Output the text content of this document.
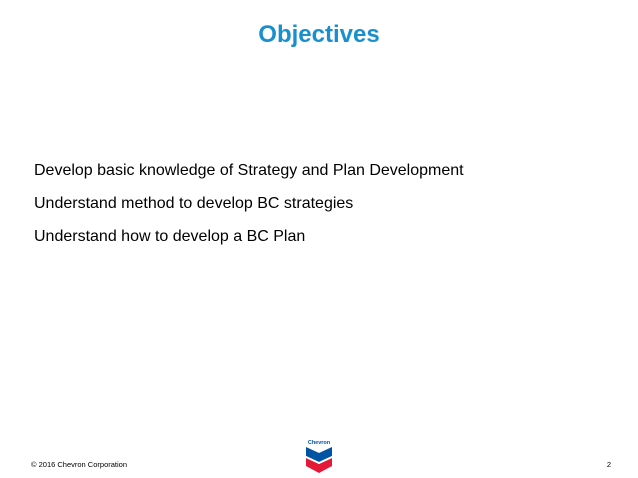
Objectives
Develop basic knowledge of Strategy and Plan Development
Understand method to develop BC strategies
Understand how to develop a BC Plan
Chevron
© 2016 Chevron Corporation	2
